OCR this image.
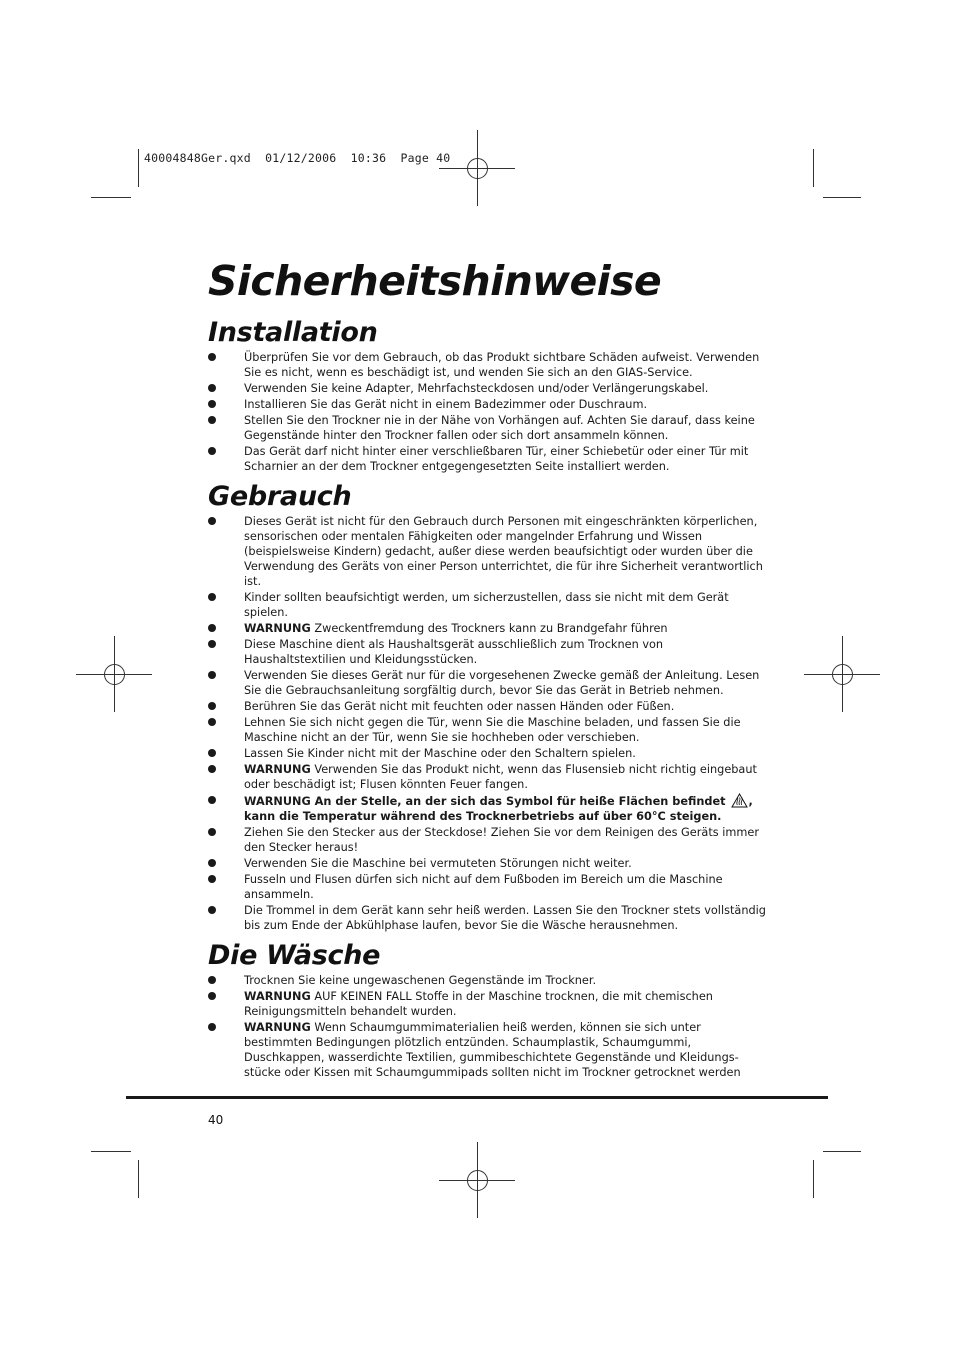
40004848Ger.qxd  01/12/2006  10:36  Page 40
Sicherheitshinweise
Installation
Überprüfen Sie vor dem Gebrauch, ob das Produkt sichtbare Schäden aufweist. Verwenden Sie es nicht, wenn es beschädigt ist, und wenden Sie sich an den GIAS-Service.
Verwenden Sie keine Adapter, Mehrfachsteckdosen und/oder Verlängerungskabel.
Installieren Sie das Gerät nicht in einem Badezimmer oder Duschraum.
Stellen Sie den Trockner nie in der Nähe von Vorhängen auf. Achten Sie darauf, dass keine Gegenstände hinter den Trockner fallen oder sich dort ansammeln können.
Das Gerät darf nicht hinter einer verschließbaren Tür, einer Schiebetür oder einer Tür mit Scharnier an der dem Trockner entgegengesetzten Seite installiert werden.
Gebrauch
Dieses Gerät ist nicht für den Gebrauch durch Personen mit eingeschränkten körperlichen, sensorischen oder mentalen Fähigkeiten oder mangelnder Erfahrung und Wissen (beispielsweise Kindern) gedacht, außer diese werden beaufsichtigt oder wurden über die Verwendung des Geräts von einer Person unterrichtet, die für ihre Sicherheit verantwortlich ist.
Kinder sollten beaufsichtigt werden, um sicherzustellen, dass sie nicht mit dem Gerät spielen.
WARNUNG Zweckentfremdung des Trockners kann zu Brandgefahr führen
Diese Maschine dient als Haushaltsgerät ausschließlich zum Trocknen von Haushaltstextilien und Kleidungsstücken.
Verwenden Sie dieses Gerät nur für die vorgesehenen Zwecke gemäß der Anleitung. Lesen Sie die Gebrauchsanleitung sorgfältig durch, bevor Sie das Gerät in Betrieb nehmen.
Berühren Sie das Gerät nicht mit feuchten oder nassen Händen oder Füßen.
Lehnen Sie sich nicht gegen die Tür, wenn Sie die Maschine beladen, und fassen Sie die Maschine nicht an der Tür, wenn Sie sie hochheben oder verschieben.
Lassen Sie Kinder nicht mit der Maschine oder den Schaltern spielen.
WARNUNG Verwenden Sie das Produkt nicht, wenn das Flusensieb nicht richtig eingebaut oder beschädigt ist; Flusen könnten Feuer fangen.
WARNUNG An der Stelle, an der sich das Symbol für heiße Flächen befindet , kann die Temperatur während des Trocknerbetriebs auf über 60°C steigen.
Ziehen Sie den Stecker aus der Steckdose! Ziehen Sie vor dem Reinigen des Geräts immer den Stecker heraus!
Verwenden Sie die Maschine bei vermuteten Störungen nicht weiter.
Fusseln und Flusen dürfen sich nicht auf dem Fußboden im Bereich um die Maschine ansammeln.
Die Trommel in dem Gerät kann sehr heiß werden. Lassen Sie den Trockner stets vollständig bis zum Ende der Abkühlphase laufen, bevor Sie die Wäsche herausnehmen.
Die Wäsche
Trocknen Sie keine ungewaschenen Gegenstände im Trockner.
WARNUNG AUF KEINEN FALL Stoffe in der Maschine trocknen, die mit chemischen Reinigungsmitteln behandelt wurden.
WARNUNG Wenn Schaumgummimaterialien heiß werden, können sie sich unter bestimmten Bedingungen plötzlich entzünden. Schaumplastik, Schaumgummi, Duschkappen, wasserdichte Textilien, gummibeschichtete Gegenstände und Kleidungs-stücke oder Kissen mit Schaumgummipads sollten nicht im Trockner getrocknet werden
40
